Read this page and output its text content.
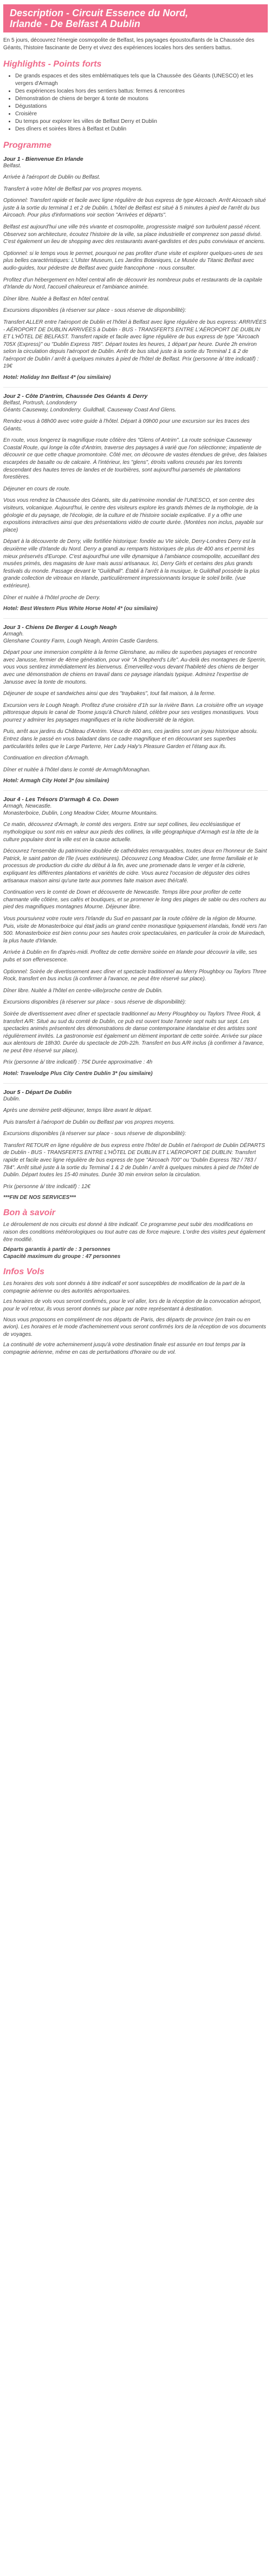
Description - Circuit Essence du Nord,
Irlande - De Belfast A Dublin

En 5 jours, découvrez l'énergie cosmopolite de Belfast, les paysages époustouflants de la Chaussée des Géants, l'histoire fascinante de Derry et vivez des expériences locales hors des sentiers battus.

Highlights - Points forts
• De grands espaces et des sites emblématiques tels que la Chaussée des Géants (UNESCO) et les vergers d'Armagh
• Des expériences locales hors des sentiers battus: fermes & rencontres
• Démonstration de chiens de berger & tonte de moutons
• Dégustations
• Croisière
• Du temps pour explorer les villes de Belfast Derry et Dublin
• Des dîners et soirées libres à Belfast et Dublin
Programme

Jour 1 - Bienvenue En Irlande

Belfast.

Arrivée à l'aéroport de Dublin ou Belfast.

Transfert à votre hôtel de Belfast par vos propres moyens.

Optionnel: Transfert rapide et facile avec ligne régulière de bus express de type Aircoach. Arrêt Aircoach situé juste à la sortie du terminal 1 et 2 de Dublin. L'hôtel de Belfast est situé à 5 minutes à pied de l'arrêt du bus Aircoach. Pour plus d'informations voir section "Arrivées et départs".

Belfast est aujourd'hui une ville très vivante et cosmopolite, progressiste malgré son turbulent passé récent. Observez son architecture, écoutez l'histoire de la ville, sa place industrielle et comprenez son passé divisé. C'est également un lieu de shopping avec des restaurants avant-gardistes et des pubs conviviaux et anciens.

Optionnel: si le temps vous le permet, pourquoi ne pas profiter d'une visite et explorer quelques-unes de ses plus belles caractéristiques: L'Ulster Museum, Les Jardins Botaniques, Le Musée du Titanic Belfast avec audio-guides, tour pédestre de Belfast avec guide francophone - nous consulter.

Profitez d'un hébergement en hôtel central afin de découvrir les nombreux pubs et restaurants de la capitale d'Irlande du Nord, l'accueil chaleureux et l'ambiance animée.

Dîner libre. Nuitée à Belfast en hôtel central.

Excursions disponibles (à réserver sur place - sous réserve de disponibilité):

Transfert ALLER entre l'aéroport de Dublin et l'hôtel à Belfast avec ligne régulière de bus express: ARRIVÉES - AÉROPORT DE DUBLIN ARRIVÉES à Dublin - BUS - TRANSFERTS ENTRE L'AÉROPORT DE DUBLIN ET L'HÔTEL DE BELFAST. Transfert rapide et facile avec ligne régulière de bus express de type "Aircoach 705X (Express)" ou "Dublin Express 785". Départ toutes les heures, 1 départ par heure. Durée 2h environ selon la circulation depuis l'aéroport de Dublin. Arrêt de bus situé juste à la sortie du Terminal 1 & 2 de l'aéroport de Dublin / arrêt à quelques minutes à pied de l'hôtel de Belfast. Prix (personne à/ titre indicatif) : 19€

Hotel: Holiday Inn Belfast 4* (ou similaire)

Jour 2 - Côte D'antrim, Chaussée Des Géants & Derry

Belfast, Portrush, Londonderry
Géants Causeway, Londonderry. Guildhall, Causeway Coast And Glens.

Rendez-vous à 08h00 avec votre guide à l'hôtel. Départ à 09h00 pour une excursion sur les traces des Géants.

En route, vous longerez la magnifique route côtière des "Glens of Antrim". La route scénique Causeway Coastal Route, qui longe la côte d'Antrim, traverse des paysages à varié que l'on sélectionne; impatiente de découvrir ce que cette chaque promontoire. Côté mer, on découvre de vastes étendues de grève, des falaises escarpées de basalte ou de calcaire. À l'intérieur, les "glens", étroits vallons creusés par les torrents descendant des hautes terres de landes et de tourbières, sont aujourd'hui parsemés de plantations forestières.

Déjeuner en cours de route.

Vous vous rendrez la Chaussée des Géants, site du patrimoine mondial de l'UNESCO, et son centre des visiteurs, volcanique. Aujourd'hui, le centre des visiteurs explore les grands thèmes de la mythologie, de la géologie et du paysage, de l'écologie, de la culture et de l'histoire sociale explicative. Il y a offre une expositions interactives ainsi que des présentations vidéo de courte durée. (Montées non inclus, payable sur place)

Départ à la découverte de Derry, ville fortifiée historique: fondée au VIe siècle, Derry-Londres Derry est la deuxième ville d'Irlande du Nord. Derry a grandi au remparts historiques de plus de 400 ans et permit les mieux préservés d'Europe. C'est aujourd'hui une ville dynamique à l'ambiance cosmopolite, accueillant des musées primés, des magasins de luxe mais aussi artisanaux. Ici, Derry Girls et certains des plus grands festivals du monde. Passage devant le "Guildhall". Établi à l'arrêt à la musique, le Guildhall possède la plus grande collection de vitreaux en Irlande, particulièrement impressionnants lorsque le soleil brille. (vue extérieure).

Dîner et nuitée à l'hôtel proche de Derry.

Hotel: Best Western Plus White Horse Hotel 4* (ou similaire)

Jour 3 - Chiens De Berger & Lough Neagh

Armagh.
Glenshane Country Farm, Lough Neagh, Antrim Castle Gardens.

Départ pour une immersion complète à la ferme Glenshane, au milieu de superbes paysages et rencontre avec Janusse, fermier de 4ème génération, pour voir "A Shepherd's Life". Au-delà des montagnes de Sperrin, vous vous sentirez immédiatement les bienvenus. Émerveillez-vous devant l'habileté des chiens de berger avec une démonstration de chiens en travail dans ce paysage irlandais typique. Admirez l'expertise de Janusse avec la tonte de moutons.

Déjeuner de soupe et sandwiches ainsi que des "traybakes", tout fait maison, à la ferme.

Excursion vers le Lough Neagh. Profitez d'une croisière d'1h sur la rivière Bann. La croisière offre un voyage pittoresque depuis le canal de Toome jusqu'à Church Island, célèbre pour ses vestiges monastiques. Vous pourrez y admirer les paysages magnifiques et la riche biodiversité de la région.

Puis, arrêt aux jardins du Château d'Antrim. Vieux de 400 ans, ces jardins sont un joyau historique absolu. Entrez dans le passé en vous baladant dans ce cadre magnifique et en découvrant ses superbes particularités telles que le Large Parterre, Her Lady Haly's Pleasure Garden et l'étang aux ifs.

Continuation en direction d'Armagh.

Dîner et nuitée à l'hôtel dans le comté de Armagh/Monaghan.

Hotel: Armagh City Hotel 3* (ou similaire)

Jour 4 - Les Trésors D'armagh & Co. Down

Armagh, Newcastle.
Monasterboice, Dublin, Long Meadow Cider, Mourne Mountains.

Ce matin, découvrez d'Armagh, le comté des vergers. Entre sur sept collines, lieu ecclésiastique et mythologique ou sont mis en valeur aux pieds des collines, la ville géographique d'Armagh est la tête de la culture populaire dont la ville est en la cause actuelle.

Découvrez l'ensemble du patrimoine doublée de cathédrales remarquables, toutes deux en l'honneur de Saint Patrick, le saint patron de l'île (vues extérieures). Découvrez Long Meadow Cider, une ferme familiale et le processus de production du cidre du début à la fin, avec une promenade dans le verger et la cidrerie, expliquant les différentes plantations et variétés de cidre. Vous aurez l'occasion de déguster des cidres artisanaux maison ainsi qu'une tarte aux pommes faite maison avec thé/café.

Continuation vers le comté de Down et découverte de Newcastle. Temps libre pour profiter de cette charmante ville côtière, ses cafés et boutiques, et se promener le long des plages de sable ou des rochers au pied des magnifiques montagnes Mourne. Déjeuner libre.

Vous poursuivrez votre route vers l'Irlande du Sud en passant par la route côtière de la région de Mourne. Puis, visite de Monasterboice qui était jadis un grand centre monastique typiquement irlandais, fondé vers l'an 500. Monasterboice est bien connu pour ses hautes croix spectaculaires, en particulier la croix de Muiredach, la plus haute d'Irlande.

Arrivée à Dublin en fin d'après-midi. Profitez de cette dernière soirée en Irlande pour découvrir la ville, ses pubs et son effervescence.

Optionnel: Soirée de divertissement avec dîner et spectacle traditionnel au Merry Ploughboy ou Taylors Three Rock, transfert en bus inclus (à confirmer à l'avance, ne peut être réservé sur place).

Dîner libre. Nuitée à l'hôtel en centre-ville/proche centre de Dublin.

Excursions disponibles (à réserver sur place - sous réserve de disponibilité):

Soirée de divertissement avec dîner et spectacle traditionnel au Merry Ploughboy ou Taylors Three Rock, & transfert A/R: Situé au sud du comté de Dublin, ce pub est ouvert toute l'année sept nuits sur sept. Les spectacles animés présentent des démonstrations de danse contemporaine irlandaise et des artistes sont régulièrement invités. La gastronomie est également un élément important de cette soirée. Arrivée sur place aux alentours de 18h30. Durée du spectacle de 20h-22h. Transfert en bus A/R inclus (à confirmer à l'avance, ne peut être réservé sur place).

Prix (personne à/ titre indicatif) : 75€ Durée approximative : 4h

Hotel: Travelodge Plus City Centre Dublin 3* (ou similaire)

Jour 5 - Départ De Dublin

Dublin.

Après une dernière petit-déjeuner, temps libre avant le départ.

Puis transfert à l'aéroport de Dublin ou Belfast par vos propres moyens.

Excursions disponibles (à réserver sur place - sous réserve de disponibilité):

Transfert RETOUR en ligne régulière de bus express entre l'hôtel de Dublin et l'aéroport de Dublin DÉPARTS de Dublin - BUS - TRANSFERTS ENTRE L'HÔTEL DE DUBLIN ET L'AÉROPORT DE DUBLIN: Transfert rapide et facile avec ligne régulière de bus express de type "Aircoach 700" ou "Dublin Express 782 / 783 / 784". Arrêt situé juste à la sortie du Terminal 1 & 2 de Dublin / arrêt à quelques minutes à pied de l'hôtel de Dublin. Départ toutes les 15-40 minutes. Durée 30 min environ selon la circulation.

Prix (personne à/ titre indicatif) : 12€

***FIN DE NOS SERVICES***

Bon à savoir

Le déroulement de nos circuits est donné à titre indicatif. Ce programme peut subir des modifications en raison des conditions météorologiques ou tout autre cas de force majeure. L'ordre des visites peut également être modifié.

Départs garantis à partir de : 3 personnes

Capacité maximum du groupe : 47 personnes

Infos Vols

Les horaires des vols sont donnés à titre indicatif et sont susceptibles de modification de la part de la compagnie aérienne ou des autorités aéroportuaires.

Les horaires de vols vous seront confirmés, pour le vol aller, lors de la réception de la convocation aéroport, pour le vol retour, ils vous seront donnés sur place par notre représentant à destination.

Nous vous proposons en complément de nos départs de Paris, des départs de province (en train ou en avion). Les horaires et le mode d'acheminement vous seront confirmés lors de la réception de vos documents de voyages.

La continuité de votre acheminement jusqu'à votre destination finale est assurée en tout temps par la compagnie aérienne, même en cas de perturbations d'horaire ou de vol.
